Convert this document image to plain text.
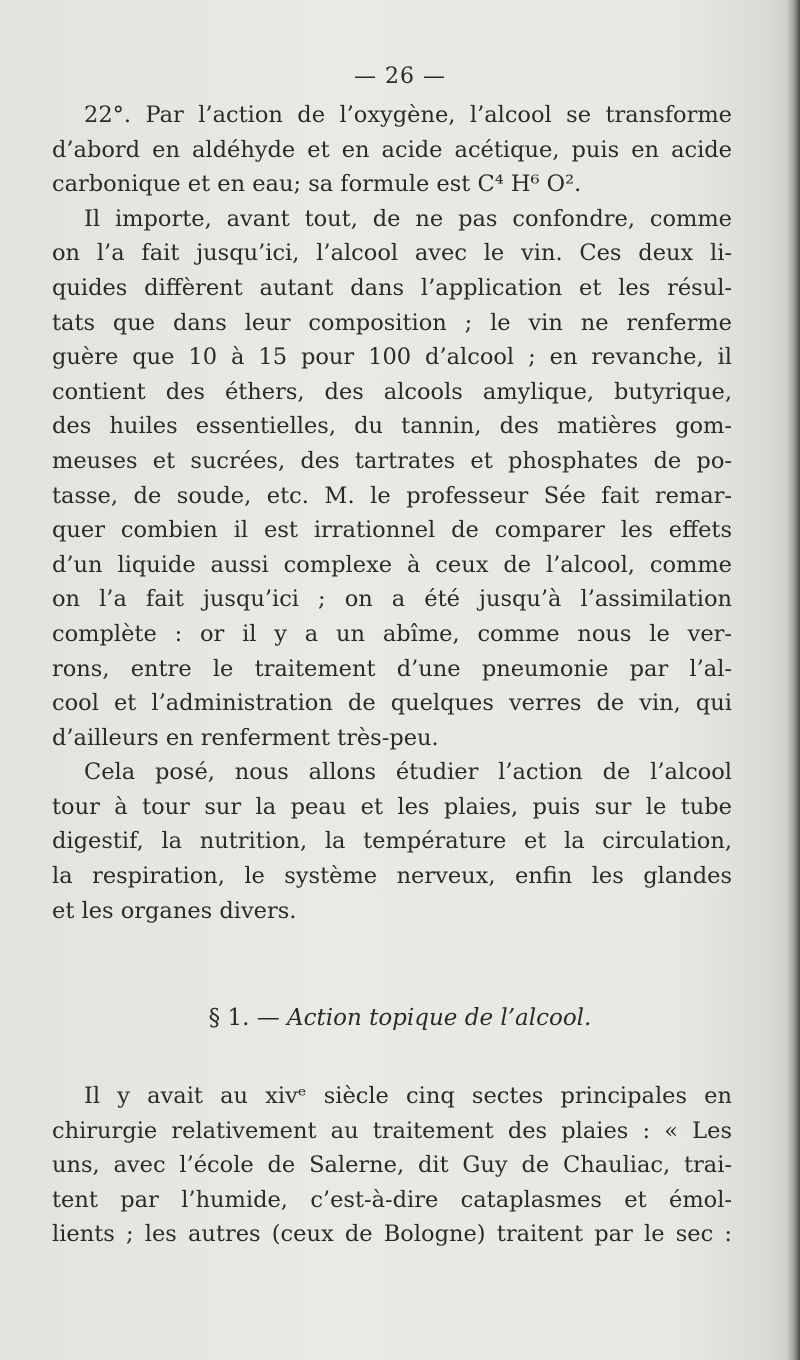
— 26 —
22°. Par l’action de l’oxygène, l’alcool se transforme
d’abord en aldéhyde et en acide acétique, puis en acide
carbonique et en eau; sa formule est C⁴ H⁶ O².
Il importe, avant tout, de ne pas confondre, comme
on l’a fait jusqu’ici, l’alcool avec le vin. Ces deux li-
quides diffèrent autant dans l’application et les résul-
tats que dans leur composition ; le vin ne renferme
guère que 10 à 15 pour 100 d’alcool ; en revanche, il
contient des éthers, des alcools amylique, butyrique,
des huiles essentielles, du tannin, des matières gom-
meuses et sucrées, des tartrates et phosphates de po-
tasse, de soude, etc. M. le professeur Sée fait remar-
quer combien il est irrationnel de comparer les effets
d’un liquide aussi complexe à ceux de l’alcool, comme
on l’a fait jusqu’ici ; on a été jusqu’à l’assimilation
complète : or il y a un abîme, comme nous le ver-
rons, entre le traitement d’une pneumonie par l’al-
cool et l’administration de quelques verres de vin, qui
d’ailleurs en renferment très-peu.
Cela posé, nous allons étudier l’action de l’alcool
tour à tour sur la peau et les plaies, puis sur le tube
digestif, la nutrition, la température et la circulation,
la respiration, le système nerveux, enfin les glandes
et les organes divers.
§ 1. — Action topique de l’alcool.
Il y avait au xivᵉ siècle cinq sectes principales en
chirurgie relativement au traitement des plaies : « Les
uns, avec l’école de Salerne, dit Guy de Chauliac, trai-
tent par l’humide, c’est-à-dire cataplasmes et émol-
lients ; les autres (ceux de Bologne) traitent par le sec :
